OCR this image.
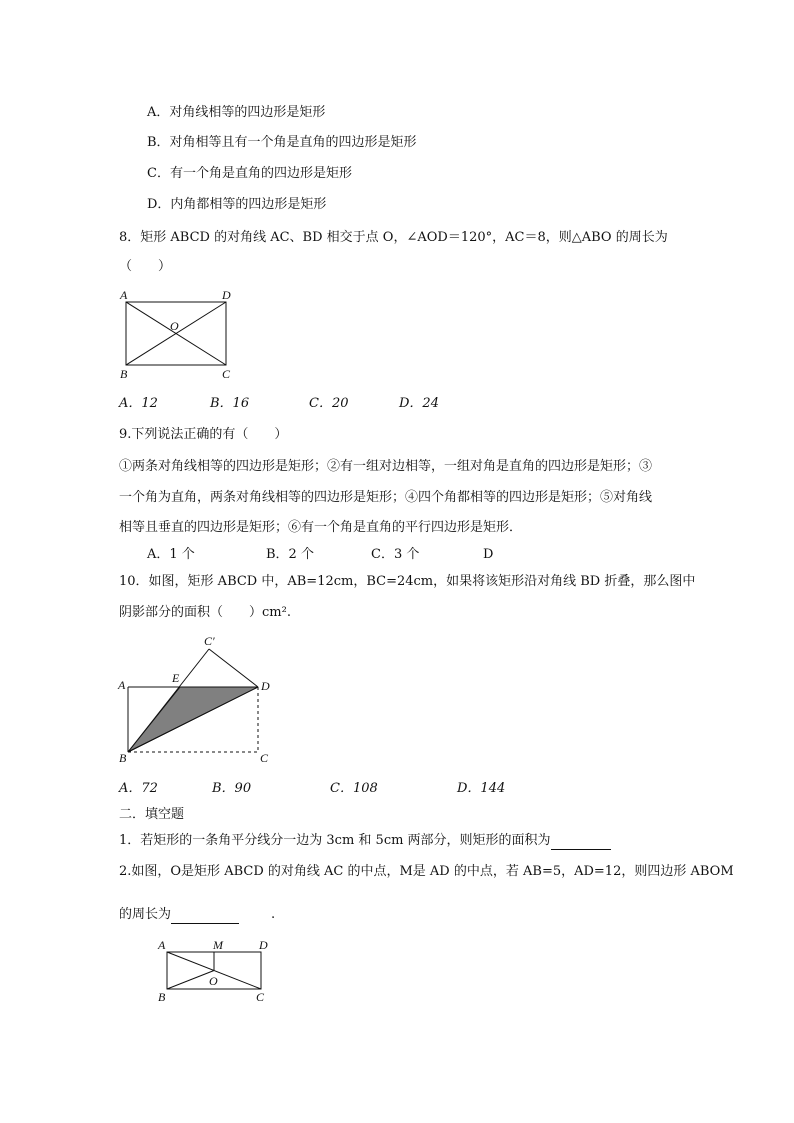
A．对角线相等的四边形是矩形
B．对角相等且有一个角是直角的四边形是矩形
C．有一个角是直角的四边形是矩形
D．内角都相等的四边形是矩形
8．矩形 ABCD 的对角线 AC、BD 相交于点 O，∠AOD＝120°，AC＝8，则△ABO 的周长为
（　　）
A	D
O
B	C
A．12	B．16	C．20	D．24
9.下列说法正确的有（　　）
①两条对角线相等的四边形是矩形；②有一组对边相等，一组对角是直角的四边形是矩形；③
一个角为直角，两条对角线相等的四边形是矩形；④四个角都相等的四边形是矩形；⑤对角线
相等且垂直的四边形是矩形；⑥有一个角是直角的平行四边形是矩形．
A．1 个	B．2 个	C．3 个	D
10．如图，矩形 ABCD 中，AB=12cm，BC=24cm，如果将该矩形沿对角线 BD 折叠，那么图中
阴影部分的面积（　　）cm².
C′
A	E
D
B	C
A．72	B．90	C．108	D．144
二．填空题
1．若矩形的一条角平分线分一边为 3cm 和 5cm 两部分，则矩形的面积为
2.如图，O是矩形 ABCD 的对角线 AC 的中点，M是 AD 的中点，若 AB=5，AD=12，则四边形 ABOM
的周长为	.
A	M	D
O
B	C
